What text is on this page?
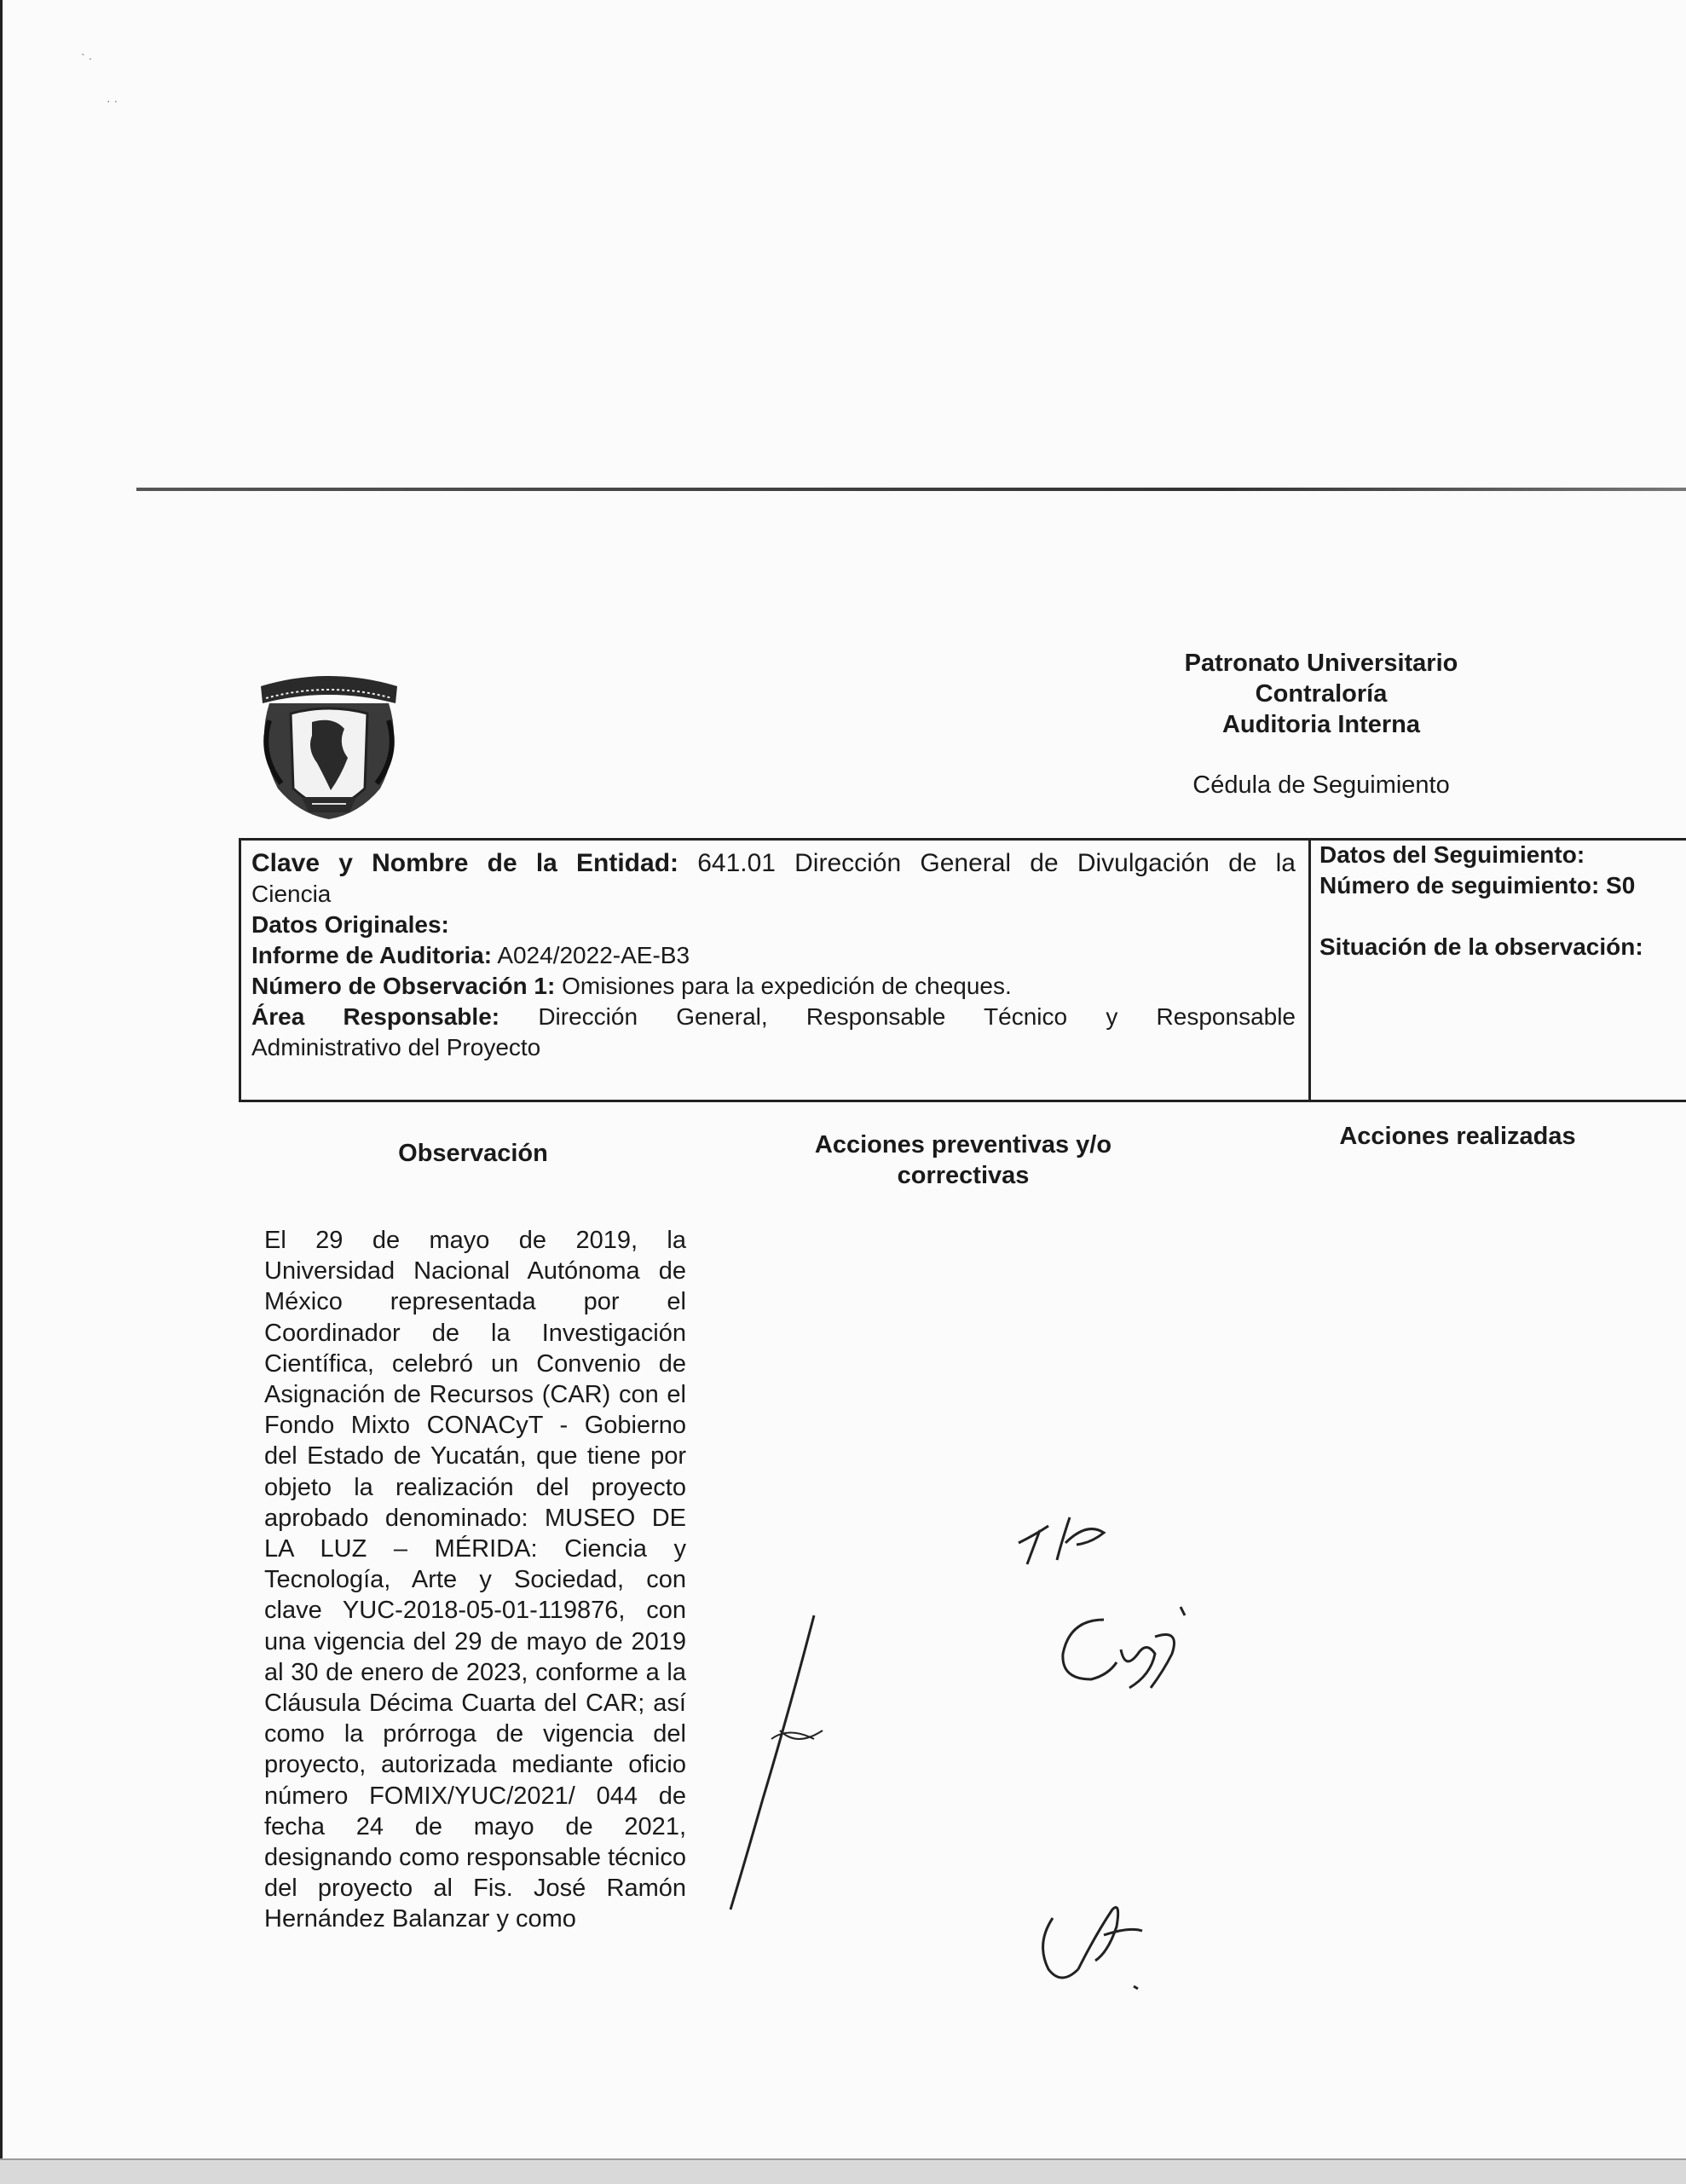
` ·
· ·
Patronato Universitario
Contraloría
Auditoria Interna
Cédula de Seguimiento

Clave y Nombre de la Entidad: 641.01 Dirección General de Divulgación de la

Ciencia

Datos Originales:

Informe de Auditoria: A024/2022-AE-B3

Número de Observación 1: Omisiones para la expedición de cheques.

Área Responsable: Dirección General, Responsable Técnico y Responsable

Administrativo del Proyecto

Datos del Seguimiento:

Número de seguimiento: S0

Situación de la observación:

Observación	Acciones preventivas y/o
correctivas
Acciones realizadas
El 29 de mayo de 2019, la Universidad Nacional Autónoma de México representada por el Coordinador de la Investigación Científica, celebró un Convenio de Asignación de Recursos (CAR) con el Fondo Mixto CONACyT - Gobierno del Estado de Yucatán, que tiene por objeto la realización del proyecto aprobado denominado: MUSEO DE LA LUZ – MÉRIDA: Ciencia y Tecnología, Arte y Sociedad, con clave YUC-2018-05-01-119876, con una vigencia del 29 de mayo de 2019 al 30 de enero de 2023, conforme a la Cláusula Décima Cuarta del CAR; así como la prórroga de vigencia del proyecto, autorizada mediante oficio número FOMIX/YUC/2021/ 044 de fecha 24 de mayo de 2021, designando como responsable técnico del proyecto al Fis. José Ramón Hernández Balanzar y como
